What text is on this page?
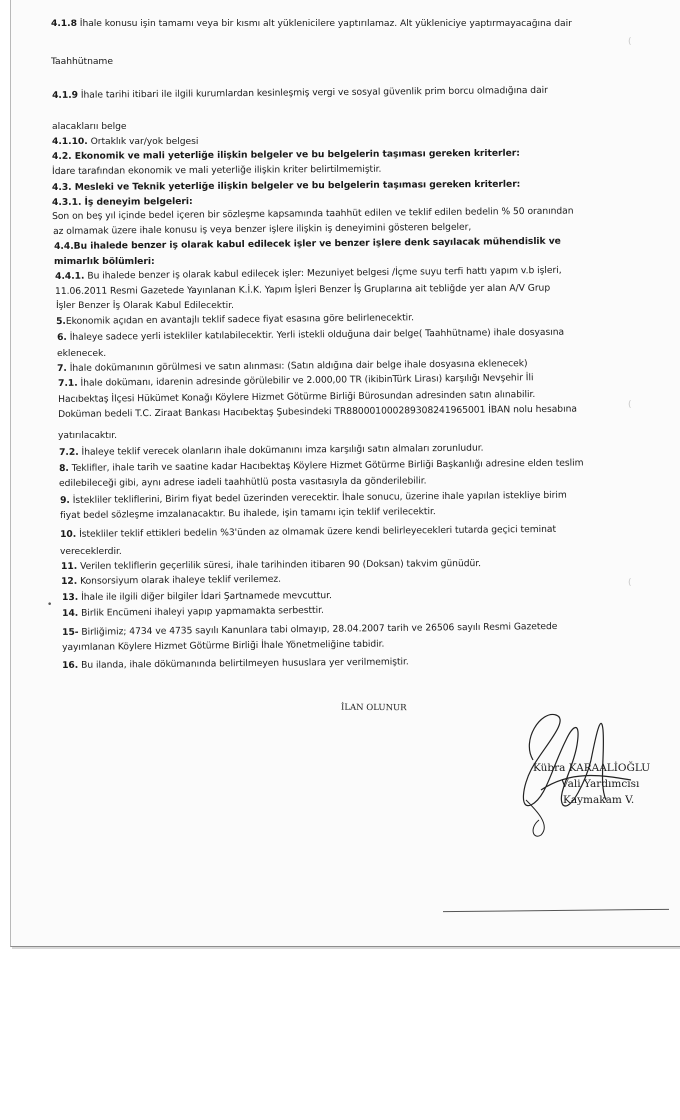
4.1.8 İhale konusu işin tamamı veya bir kısmı alt yüklenicilere yaptırılamaz. Alt yükleniciye yaptırmayacağına dair
Taahhütname
4.1.9 İhale tarihi itibari ile ilgili kurumlardan kesinleşmiş vergi ve sosyal güvenlik prim borcu olmadığına dair
alacaklarıı belge
4.1.10. Ortaklık var/yok belgesi
4.2. Ekonomik ve mali yeterliğe ilişkin belgeler ve bu belgelerin taşıması gereken kriterler:
İdare tarafından ekonomik ve mali yeterliğe ilişkin kriter belirtilmemiştir.
4.3. Mesleki ve Teknik yeterliğe ilişkin belgeler ve bu belgelerin taşıması gereken kriterler:
4.3.1. İş deneyim belgeleri:
Son on beş yıl içinde bedel içeren bir sözleşme kapsamında taahhüt edilen ve teklif edilen bedelin % 50 oranından
az olmamak üzere ihale konusu iş veya benzer işlere ilişkin iş deneyimini gösteren belgeler,
4.4.Bu ihalede benzer iş olarak kabul edilecek işler ve benzer işlere denk sayılacak mühendislik ve
mimarlık bölümleri:
4.4.1. Bu ihalede benzer iş olarak kabul edilecek işler: Mezuniyet belgesi /İçme suyu terfi hattı yapım v.b işleri,
11.06.2011 Resmi Gazetede Yayınlanan K.İ.K. Yapım İşleri Benzer İş Gruplarına ait tebliğde yer alan A/V Grup
İşler Benzer İş Olarak Kabul Edilecektir.
5.Ekonomik açıdan en avantajlı teklif sadece fiyat esasına göre belirlenecektir.
6. İhaleye sadece yerli istekliler katılabilecektir. Yerli istekli olduğuna dair belge( Taahhütname) ihale dosyasına
eklenecek.
7. İhale dokümanının görülmesi ve satın alınması: (Satın aldığına dair belge ihale dosyasına eklenecek)
7.1. İhale dokümanı, idarenin adresinde görülebilir ve 2.000,00 TR (ikibinTürk Lirası) karşılığı Nevşehir İli
Hacıbektaş İlçesi Hükümet Konağı Köylere Hizmet Götürme Birliği Bürosundan adresinden satın alınabilir.
Doküman bedeli T.C. Ziraat Bankası Hacıbektaş Şubesindeki TR880001000289308241965001 İBAN nolu hesabına
yatırılacaktır.
7.2. İhaleye teklif verecek olanların ihale dokümanını imza karşılığı satın almaları zorunludur.
8. Teklifler, ihale tarih ve saatine kadar Hacıbektaş Köylere Hizmet Götürme Birliği Başkanlığı adresine elden teslim
edilebileceği gibi, aynı adrese iadeli taahhütlü posta vasıtasıyla da gönderilebilir.
9. İstekliler tekliflerini, Birim fiyat bedel üzerinden verecektir. İhale sonucu, üzerine ihale yapılan istekliye birim
fiyat bedel sözleşme imzalanacaktır. Bu ihalede, işin tamamı için teklif verilecektir.
10. İstekliler teklif ettikleri bedelin %3'ünden az olmamak üzere kendi belirleyecekleri tutarda geçici teminat
vereceklerdir.
11. Verilen tekliflerin geçerlilik süresi, ihale tarihinden itibaren 90 (Doksan) takvim günüdür.
12. Konsorsiyum olarak ihaleye teklif verilemez.
13. İhale ile ilgili diğer bilgiler İdari Şartnamede mevcuttur.
14. Birlik Encümeni ihaleyi yapıp yapmamakta serbesttir.
15- Birliğimiz; 4734 ve 4735 sayılı Kanunlara tabi olmayıp, 28.04.2007 tarih ve 26506 sayılı Resmi Gazetede
yayımlanan Köylere Hizmet Götürme Birliği İhale Yönetmeliğine tabidir.
16. Bu ilanda, ihale dökümanında belirtilmeyen hususlara yer verilmemiştir.
İLAN OLUNUR
Kübra KARAALİOĞLU
Vali Yardımcısı
Kaymakam V.
(
(
(
•
